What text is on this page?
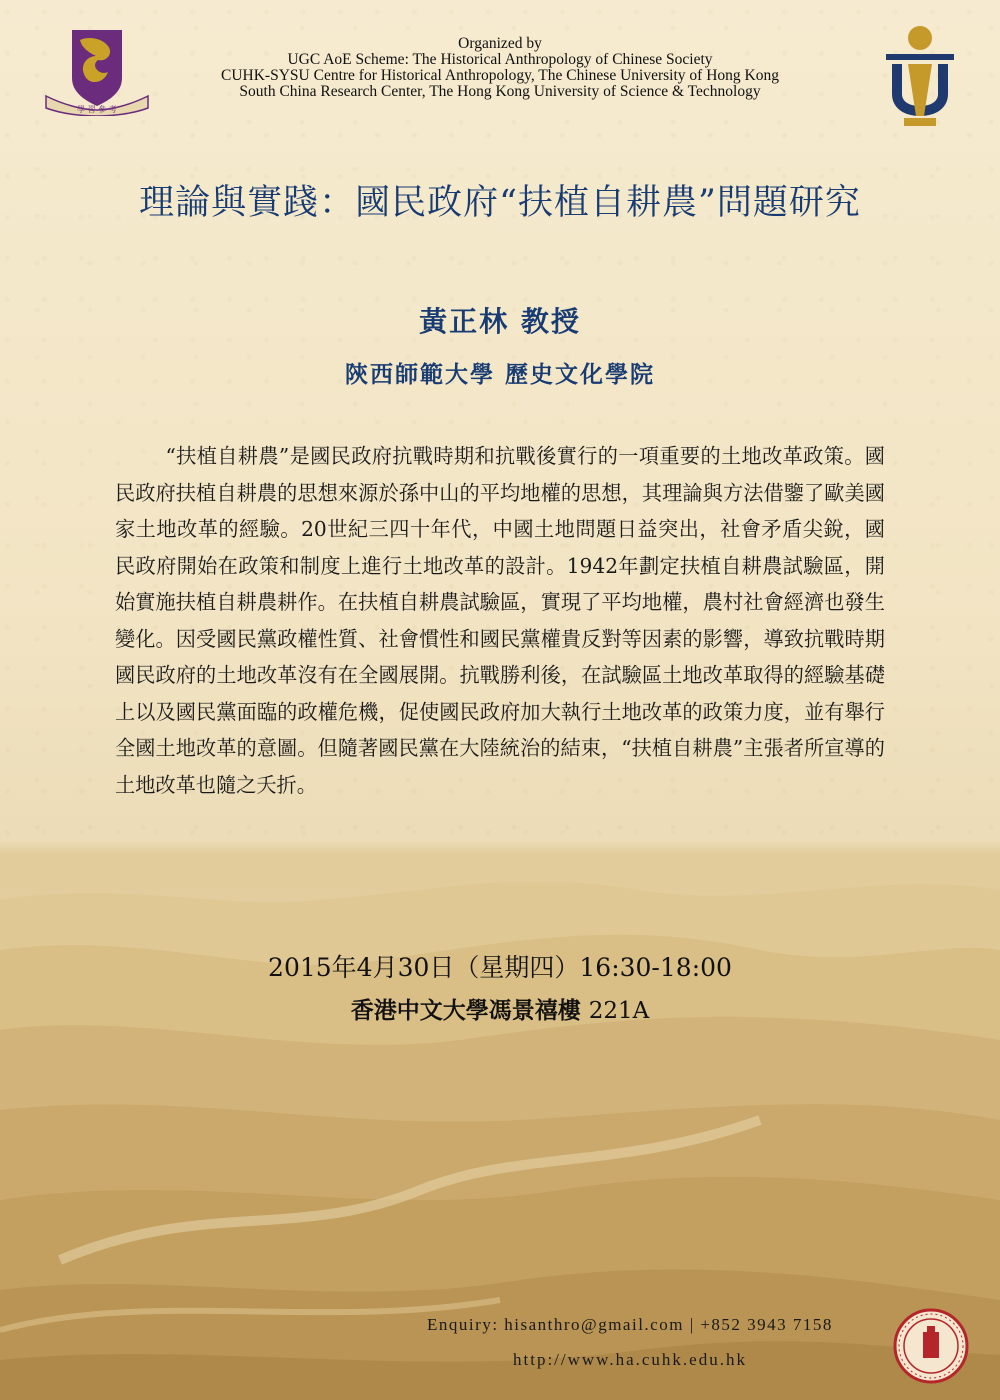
學 習 參 考
Organized by
UGC AoE Scheme: The Historical Anthropology of Chinese Society
CUHK-SYSU Centre for Historical Anthropology, The Chinese University of Hong Kong
South China Research Center, The Hong Kong University of Science & Technology
理論與實踐：國民政府“扶植自耕農”問題研究
黃正林 教授
陝西師範大學 歷史文化學院

“扶植自耕農”是國民政府抗戰時期和抗戰後實行的一項重要的土地改革政策。國民政府扶植自耕農的思想來源於孫中山的平均地權的思想，其理論與方法借鑒了歐美國家土地改革的經驗。20世紀三四十年代，中國土地問題日益突出，社會矛盾尖銳，國民政府開始在政策和制度上進行土地改革的設計。1942年劃定扶植自耕農試驗區，開始實施扶植自耕農耕作。在扶植自耕農試驗區，實現了平均地權，農村社會經濟也發生變化。因受國民黨政權性質、社會慣性和國民黨權貴反對等因素的影響，導致抗戰時期國民政府的土地改革沒有在全國展開。抗戰勝利後，在試驗區土地改革取得的經驗基礎上以及國民黨面臨的政權危機，促使國民政府加大執行土地改革的政策力度，並有舉行全國土地改革的意圖。但隨著國民黨在大陸統治的結束，“扶植自耕農”主張者所宣導的土地改革也隨之夭折。

2015年4月30日（星期四）16:30-18:00
香港中文大學馮景禧樓 221A
Enquiry: hisanthro@gmail.com | +852 3943 7158
http://www.ha.cuhk.edu.hk
